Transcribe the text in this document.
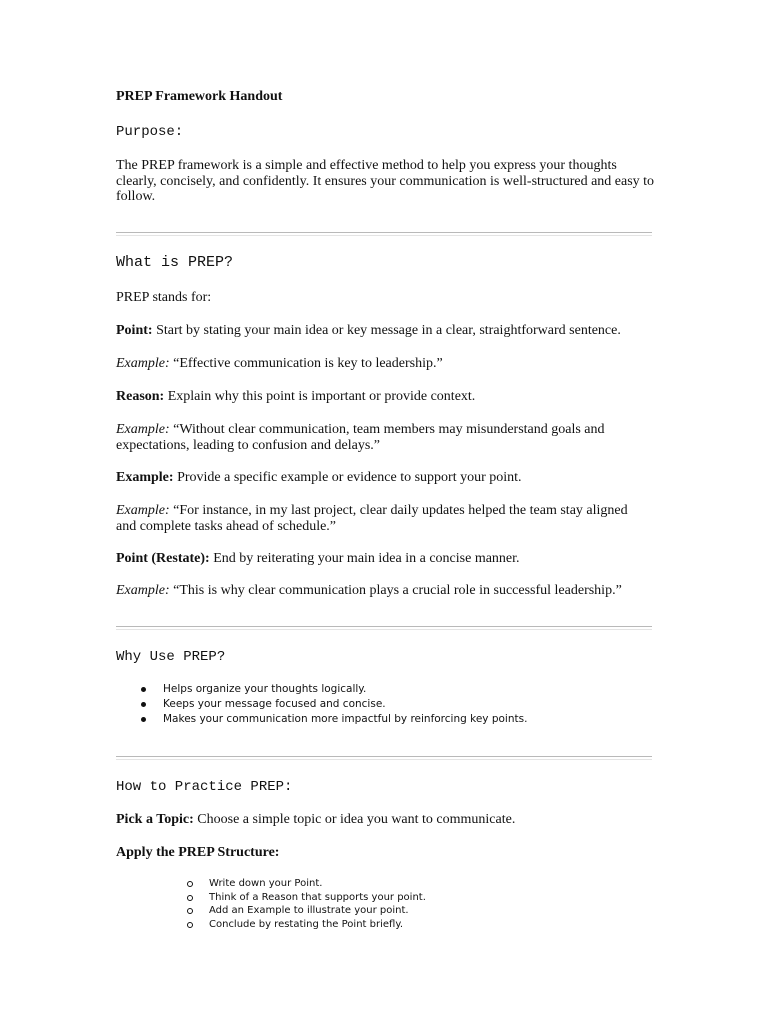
PREP Framework Handout
Purpose:
The PREP framework is a simple and effective method to help you express your thoughts clearly, concisely, and confidently. It ensures your communication is well-structured and easy to follow.
What is PREP?
PREP stands for:
Point: Start by stating your main idea or key message in a clear, straightforward sentence.
Example: “Effective communication is key to leadership.”
Reason: Explain why this point is important or provide context.
Example: “Without clear communication, team members may misunderstand goals and expectations, leading to confusion and delays.”
Example: Provide a specific example or evidence to support your point.
Example: “For instance, in my last project, clear daily updates helped the team stay aligned and complete tasks ahead of schedule.”
Point (Restate): End by reiterating your main idea in a concise manner.
Example: “This is why clear communication plays a crucial role in successful leadership.”
Why Use PREP?
Helps organize your thoughts logically.
Keeps your message focused and concise.
Makes your communication more impactful by reinforcing key points.
How to Practice PREP:
Pick a Topic: Choose a simple topic or idea you want to communicate.
Apply the PREP Structure:
Write down your Point.
Think of a Reason that supports your point.
Add an Example to illustrate your point.
Conclude by restating the Point briefly.
